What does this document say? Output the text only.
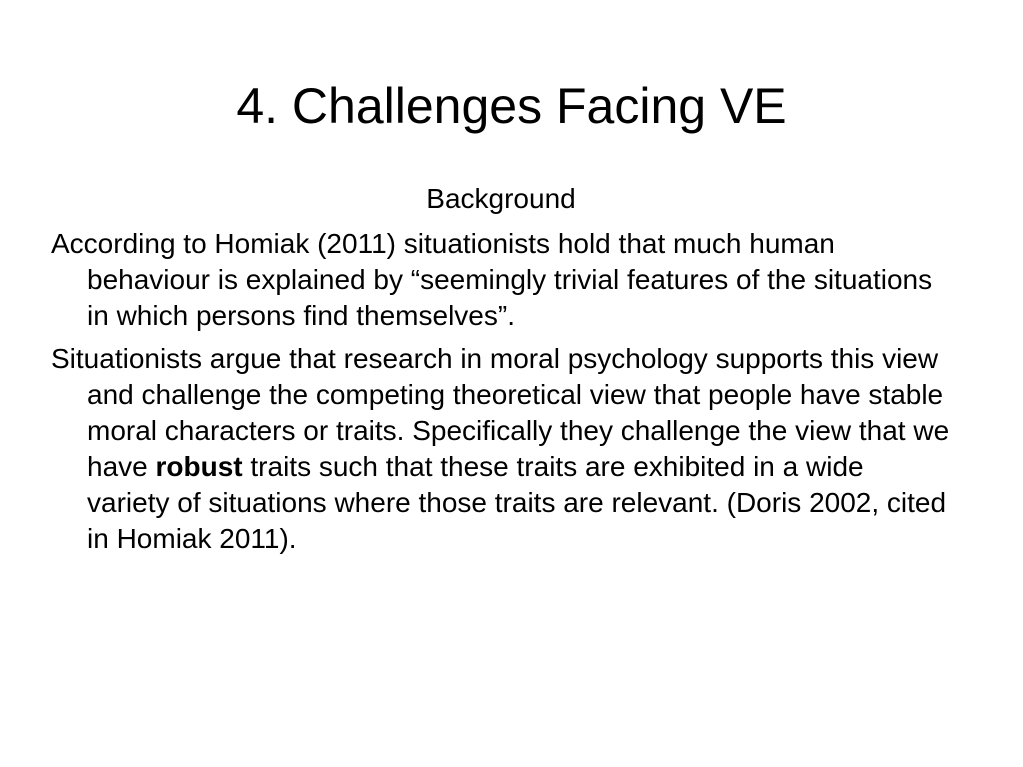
4. Challenges Facing VE

Background

According to Homiak (2011) situationists hold that much human behaviour is explained by “seemingly trivial features of the situations in which persons find themselves”.

Situationists argue that research in moral psychology supports this view and challenge the competing theoretical view that people have stable moral characters or traits. Specifically they challenge the view that we have robust traits such that these traits are exhibited in a wide variety of situations where those traits are relevant. (Doris 2002, cited in Homiak 2011).
